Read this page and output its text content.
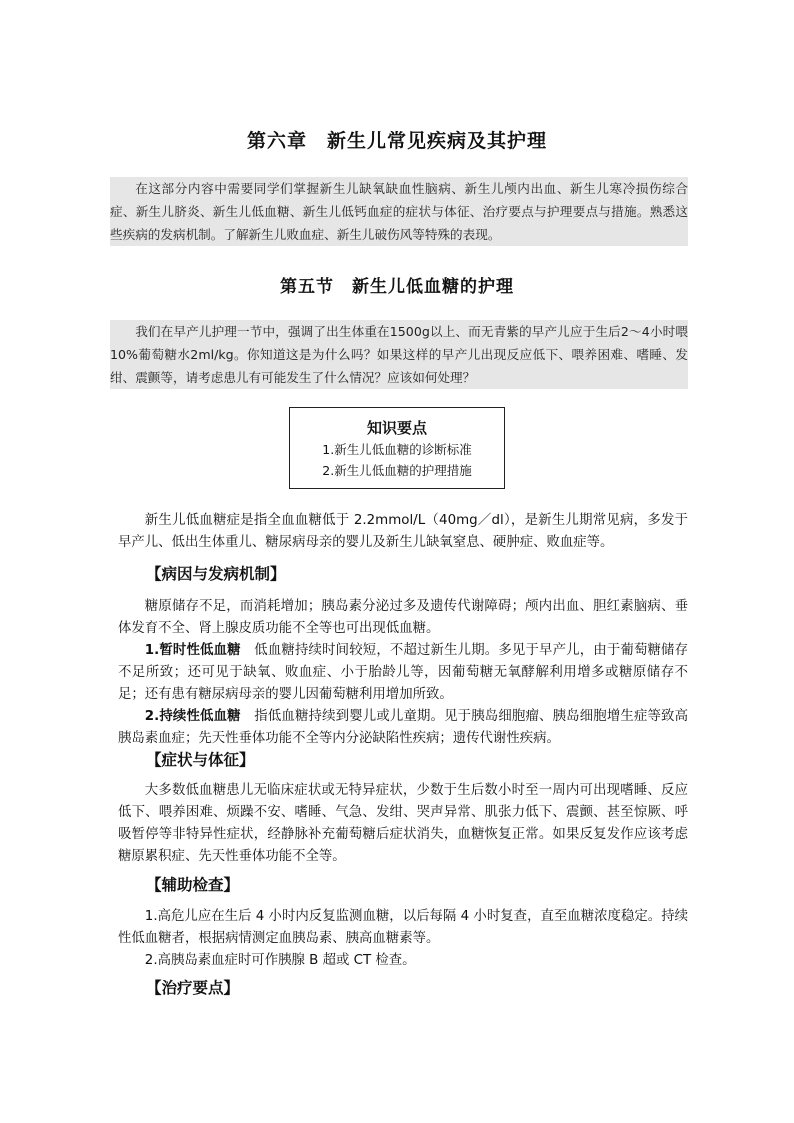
第六章　新生儿常见疾病及其护理

在这部分内容中需要同学们掌握新生儿缺氧缺血性脑病、新生儿颅内出血、新生儿寒冷损伤综合症、新生儿脐炎、新生儿低血糖、新生儿低钙血症的症状与体征、治疗要点与护理要点与措施。熟悉这些疾病的发病机制。了解新生儿败血症、新生儿破伤风等特殊的表现。

第五节　新生儿低血糖的护理

我们在早产儿护理一节中，强调了出生体重在1500g以上、而无青紫的早产儿应于生后2～4小时喂10%葡萄糖水2ml/kg。你知道这是为什么吗？如果这样的早产儿出现反应低下、喂养困难、嗜睡、发绀、震颤等，请考虑患儿有可能发生了什么情况？应该如何处理？

知识要点
1.新生儿低血糖的诊断标准
2.新生儿低血糖的护理措施

新生儿低血糖症是指全血血糖低于 2.2mmol/L（40mg／dl），是新生儿期常见病，多发于早产儿、低出生体重儿、糖尿病母亲的婴儿及新生儿缺氧窒息、硬肿症、败血症等。

【病因与发病机制】

糖原储存不足，而消耗增加；胰岛素分泌过多及遗传代谢障碍；颅内出血、胆红素脑病、垂体发育不全、肾上腺皮质功能不全等也可出现低血糖。

1.暂时性低血糖　 低血糖持续时间较短，不超过新生儿期。多见于早产儿，由于葡萄糖储存不足所致；还可见于缺氧、败血症、小于胎龄儿等，因葡萄糖无氧酵解利用增多或糖原储存不足；还有患有糖尿病母亲的婴儿因葡萄糖利用增加所致。

2.持续性低血糖　 指低血糖持续到婴儿或儿童期。见于胰岛细胞瘤、胰岛细胞增生症等致高胰岛素血症；先天性垂体功能不全等内分泌缺陷性疾病；遗传代谢性疾病。

【症状与体征】

大多数低血糖患儿无临床症状或无特异症状，少数于生后数小时至一周内可出现嗜睡、反应低下、喂养困难、烦躁不安、嗜睡、气急、发绀、哭声异常、肌张力低下、震颤、甚至惊厥、呼吸暂停等非特异性症状，经静脉补充葡萄糖后症状消失，血糖恢复正常。如果反复发作应该考虑糖原累积症、先天性垂体功能不全等。

【辅助检查】

1.高危儿应在生后 4 小时内反复监测血糖，以后每隔 4 小时复查，直至血糖浓度稳定。持续性低血糖者，根据病情测定血胰岛素、胰高血糖素等。

2.高胰岛素血症时可作胰腺 B 超或 CT 检查。

【治疗要点】
